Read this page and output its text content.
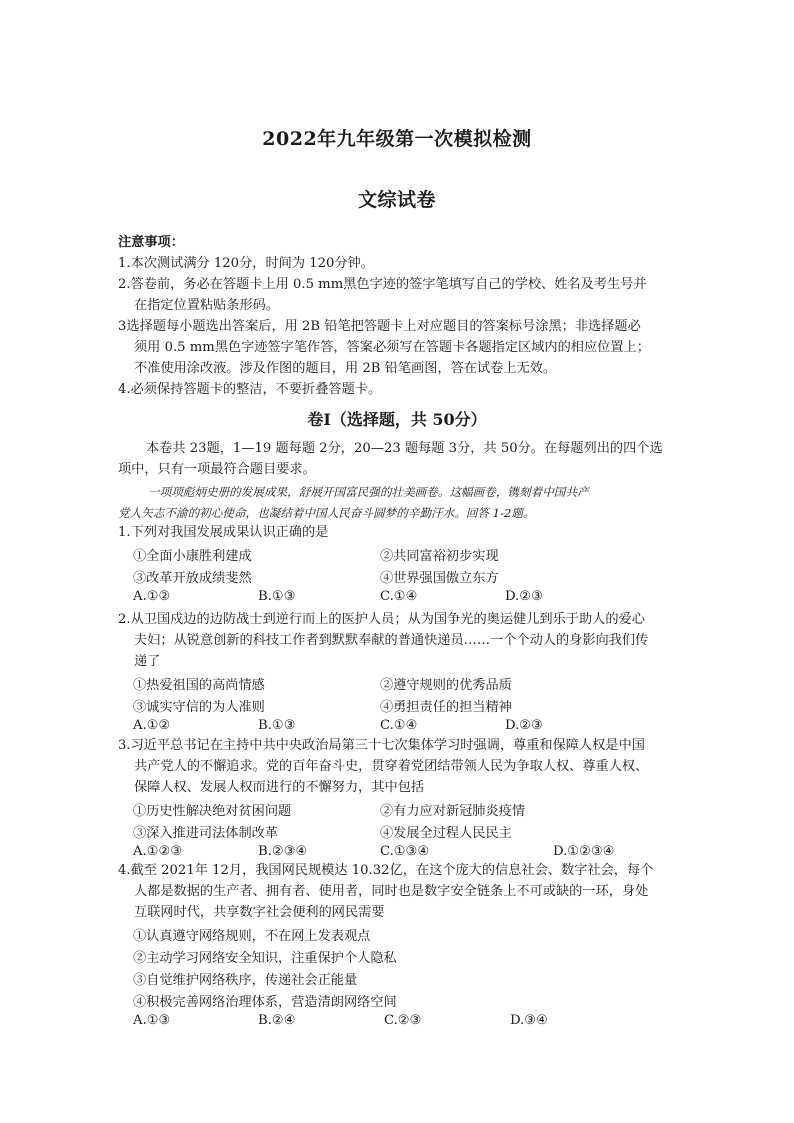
2022年九年级第一次模拟检测
文综试卷
注意事项：
1.本次测试满分 120分，时间为 120分钟。
2.答卷前，务必在答题卡上用 0.5 mm黑色字迹的签字笔填写自己的学校、姓名及考生号并
在指定位置粘贴条形码。
3选择题每小题选出答案后，用 2B 铅笔把答题卡上对应题目的答案标号涂黑；非选择题必
须用 0.5 mm黑色字迹签字笔作答，答案必须写在答题卡各题指定区域内的相应位置上；
不准使用涂改液。涉及作图的题目，用 2B 铅笔画图，答在试卷上无效。
4.必须保持答题卡的整洁，不要折叠答题卡。
卷Ⅰ（选择题，共 50分）
本卷共 23题，1—19 题每题 2分，20—23 题每题 3分，共 50分。在每题列出的四个选
项中，只有一项最符合题目要求。
一项项彪炳史册的发展成果，舒展开国富民强的壮美画卷。这幅画卷，镌刻着中国共产
党人矢志不渝的初心使命，也凝结着中国人民奋斗圆梦的辛勤汗水。回答 1-2题。
1.下列对我国发展成果认识正确的是
①全面小康胜利建成	②共同富裕初步实现
③改革开放成绩斐然	④世界强国傲立东方
A.①②	B.①③	C.①④	D.②③
2.从卫国戍边的边防战士到逆行而上的医护人员；从为国争光的奥运健儿到乐于助人的爱心
夫妇；从锐意创新的科技工作者到默默奉献的普通快递员……一个个动人的身影向我们传
递了
①热爱祖国的高尚情感	②遵守规则的优秀品质
③诚实守信的为人准则	④勇担责任的担当精神
A.①②	B.①③	C.①④	D.②③
3.习近平总书记在主持中共中央政治局第三十七次集体学习时强调，尊重和保障人权是中国
共产党人的不懈追求。党的百年奋斗史，贯穿着党团结带领人民为争取人权、尊重人权、
保障人权、发展人权而进行的不懈努力，其中包括
①历史性解决绝对贫困问题	②有力应对新冠肺炎疫情
③深入推进司法体制改革	④发展全过程人民民主
A.①②③	B.②③④	C.①③④	D.①②③④
4.截至 2021年 12月，我国网民规模达 10.32亿，在这个庞大的信息社会、数字社会，每个
人都是数据的生产者、拥有者、使用者，同时也是数字安全链条上不可或缺的一环，身处
互联网时代，共享数字社会便利的网民需要
①认真遵守网络规则，不在网上发表观点
②主动学习网络安全知识，注重保护个人隐私
③自觉维护网络秩序，传递社会正能量
④积极完善网络治理体系，营造清朗网络空间
A.①③	B.②④	C.②③	D.③④
